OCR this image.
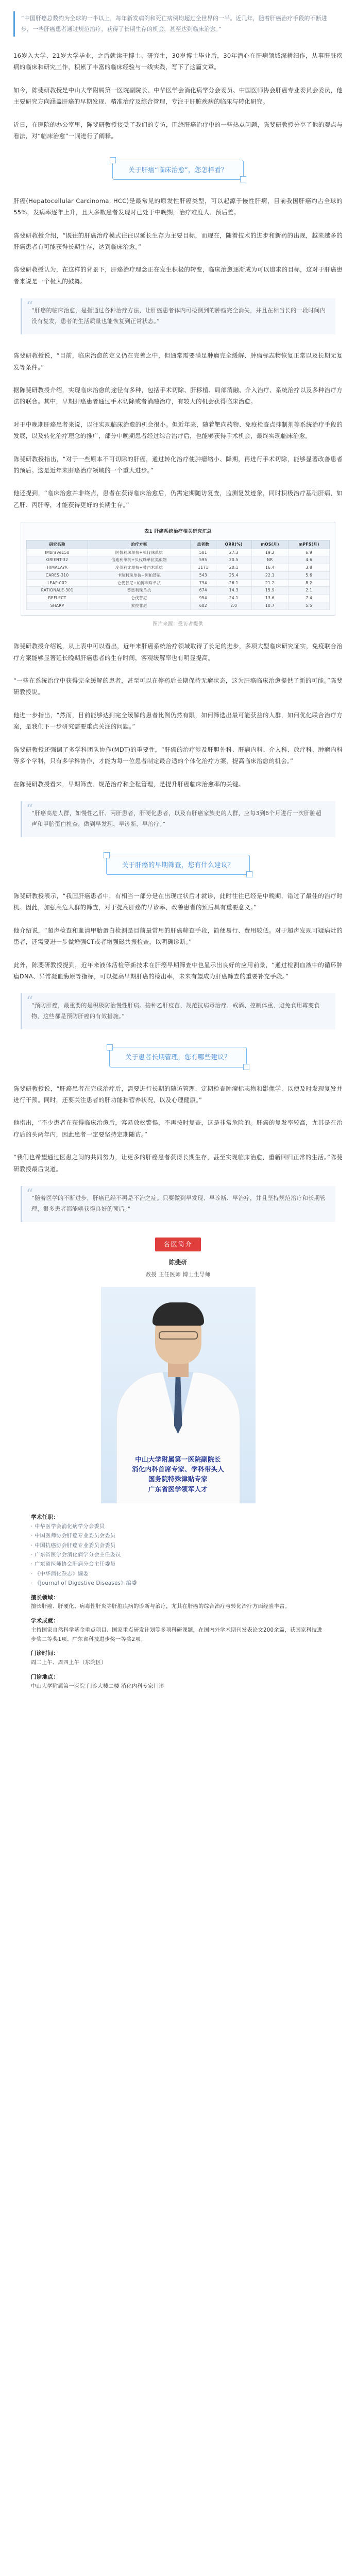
“中国肝癌总数约为全球的一半以上，每年新发病例和死亡病例均超过全世界的一半。近几年，随着肝癌治疗手段的不断进步，一些肝癌患者通过规范治疗，获得了长期生存的机会，甚至达到临床治愈。”

16岁入大学、21岁大学毕业，之后就读于博士、研究生，30岁博士毕业后，30年潜心在肝病领域深耕细作，从事肝脏疾病的临床和研究工作，积累了丰富的临床经验与一线实践，写下了这篇文章。

如今，陈斐研教授是中山大学附属第一医院副院长、中华医学会消化病学分会委员、中国医师协会肝癌专业委员会委员，他主要研究方向涵盖肝癌的早期发现、精准治疗及综合管理，专注于肝脏疾病的临床与转化研究。

近日，在医院的办公室里，陈斐研教授接受了我们的专访，围绕肝癌治疗中的一些热点问题，陈斐研教授分享了他的观点与看法，对“临床治愈”一词进行了阐释。

关于肝癌“临床治愈”，您怎样看？

肝癌(Hepatocellular Carcinoma, HCC)是最常见的原发性肝癌类型，可以起源于慢性肝病，目前我国肝癌约占全球的55%，发病率逐年上升，且大多数患者发现时已处于中晚期，治疗难度大、预后差。

陈斐研教授介绍，“既往的肝癌治疗模式往往以延长生存为主要目标，而现在，随着技术的进步和新药的出现，越来越多的肝癌患者有可能获得长期生存，达到临床治愈。”

陈斐研教授认为，在这样的背景下，肝癌治疗理念正在发生积极的转变，临床治愈逐渐成为可以追求的目标，这对于肝癌患者来说是一个极大的鼓舞。

“
“肝癌的临床治愈，是指通过各种治疗方法，让肝癌患者体内可检测到的肿瘤完全消失，并且在相当长的一段时间内没有复发，患者的生活质量也能恢复到正常状态。”

陈斐研教授说，“目前，临床治愈的定义仍在完善之中，但通常需要满足肿瘤完全缓解、肿瘤标志物恢复正常以及长期无复发等条件。”

据陈斐研教授介绍，实现临床治愈的途径有多种，包括手术切除、肝移植、局部消融、介入治疗、系统治疗以及多种治疗方法的联合。其中，早期肝癌患者通过手术切除或者消融治疗，有较大的机会获得临床治愈。

对于中晚期肝癌患者来说，以往实现临床治愈的机会很小。但近年来，随着靶向药物、免疫检查点抑制剂等系统治疗手段的发展，以及转化治疗理念的推广，部分中晚期患者经过综合治疗后，也能够获得手术机会，最终实现临床治愈。

陈斐研教授指出，“对于一些原本不可切除的肝癌，通过转化治疗使肿瘤缩小、降期，再进行手术切除，能够显著改善患者的预后。这是近年来肝癌治疗领域的一个重大进步。”

他还提到，“临床治愈并非终点，患者在获得临床治愈后，仍需定期随访复查，监测复发迹象，同时积极治疗基础肝病，如乙肝、丙肝等，才能获得更好的长期生存。”

表1 肝癌系统治疗相关研究汇总
研究名称	治疗方案	患者数	ORR(%)	mOS(月)	mPFS(月)
IMbrave150	阿替利珠单抗+贝伐珠单抗	501	27.3	19.2	6.9
ORIENT-32	信迪利单抗+贝伐珠单抗类似物	595	20.5	NR	4.6
HIMALAYA	度伐利尤单抗+替西木单抗	1171	20.1	16.4	3.8
CARES-310	卡瑞利珠单抗+阿帕替尼	543	25.4	22.1	5.6
LEAP-002	仑伐替尼+帕博利珠单抗	794	26.1	21.2	8.2
RATIONALE-301	替雷利珠单抗	674	14.3	15.9	2.1
REFLECT	仑伐替尼	954	24.1	13.6	7.4
SHARP	索拉非尼	602	2.0	10.7	5.5
图片来源：受访者提供

陈斐研教授介绍说，从上表中可以看出，近年来肝癌系统治疗领域取得了长足的进步，多项大型临床研究证实，免疫联合治疗方案能够显著延长晚期肝癌患者的生存时间，客观缓解率也有明显提高。

“一些在系统治疗中获得完全缓解的患者，甚至可以在停药后长期保持无瘤状态，这为肝癌临床治愈提供了新的可能。”陈斐研教授说。

他进一步指出，“然而，目前能够达到完全缓解的患者比例仍然有限，如何筛选出最可能获益的人群，如何优化联合治疗方案，是我们下一步研究需要重点关注的问题。”

陈斐研教授还强调了多学科团队协作(MDT)的重要性，“肝癌的治疗涉及肝胆外科、肝病内科、介入科、放疗科、肿瘤内科等多个学科，只有多学科协作，才能为每一位患者制定最合适的个体化治疗方案，提高临床治愈的机会。”

在陈斐研教授看来，早期筛查、规范治疗和全程管理，是提升肝癌临床治愈率的关键。

“
“肝癌高危人群，如慢性乙肝、丙肝患者，肝硬化患者，以及有肝癌家族史的人群，应每3到6个月进行一次肝脏超声和甲胎蛋白检查，做到早发现、早诊断、早治疗。”
关于肝癌的早期筛查，您有什么建议？

陈斐研教授表示，“我国肝癌患者中，有相当一部分是在出现症状后才就诊，此时往往已经是中晚期，错过了最佳的治疗时机。因此，加强高危人群的筛查，对于提高肝癌的早诊率、改善患者的预后具有重要意义。”

他介绍说，“超声检查和血清甲胎蛋白检测是目前最常用的肝癌筛查手段，简便易行、费用较低。对于超声发现可疑病灶的患者，还需要进一步做增强CT或者增强磁共振检查，以明确诊断。”

此外，陈斐研教授提到，近年来液体活检等新技术在肝癌早期筛查中也显示出良好的应用前景，“通过检测血液中的循环肿瘤DNA、异常凝血酶原等指标，可以提高早期肝癌的检出率，未来有望成为肝癌筛查的重要补充手段。”

“
“预防肝癌，最重要的是积极防治慢性肝病。接种乙肝疫苗、规范抗病毒治疗、戒酒、控制体重、避免食用霉变食物，这些都是预防肝癌的有效措施。”
关于患者长期管理，您有哪些建议？

陈斐研教授说，“肝癌患者在完成治疗后，需要进行长期的随访管理，定期检查肿瘤标志物和影像学，以便及时发现复发并进行干预。同时，还要关注患者的肝功能和营养状况，以及心理健康。”

他指出，“不少患者在获得临床治愈后，容易放松警惕，不再按时复查，这是非常危险的。肝癌的复发率较高，尤其是在治疗后的头两年内，因此患者一定要坚持定期随访。”

“我们也希望通过医患之间的共同努力，让更多的肝癌患者获得长期生存，甚至实现临床治愈，重新回归正常的生活。”陈斐研教授最后说道。

“
“随着医学的不断进步，肝癌已经不再是不治之症。只要做到早发现、早诊断、早治疗，并且坚持规范治疗和长期管理，很多患者都能够获得良好的预后。”
名医简介
陈斐研
教授 主任医师 博士生导师
中山大学附属第一医院副院长
消化内科首席专家、学科带头人
国务院特殊津贴专家
广东省医学领军人才
学术任职：
· 中华医学会消化病学分会委员
· 中国医师协会肝癌专业委员会委员
· 中国抗癌协会肝癌专业委员会委员
· 广东省医学会消化病学分会主任委员
· 广东省医师协会肝病分会主任委员
· 《中华消化杂志》编委
· 《Journal of Digestive Diseases》编委
擅长领域：

擅长肝癌、肝硬化、病毒性肝炎等肝脏疾病的诊断与治疗，尤其在肝癌的综合治疗与转化治疗方面经验丰富。

学术成就：

主持国家自然科学基金重点项目、国家重点研发计划等多项科研课题，在国内外学术期刊发表论文200余篇，获国家科技进步奖二等奖1项、广东省科技进步奖一等奖2项。

门诊时间：

周二上午、周四上午（东院区）

门诊地点：

中山大学附属第一医院 门诊大楼二楼 消化内科专家门诊
